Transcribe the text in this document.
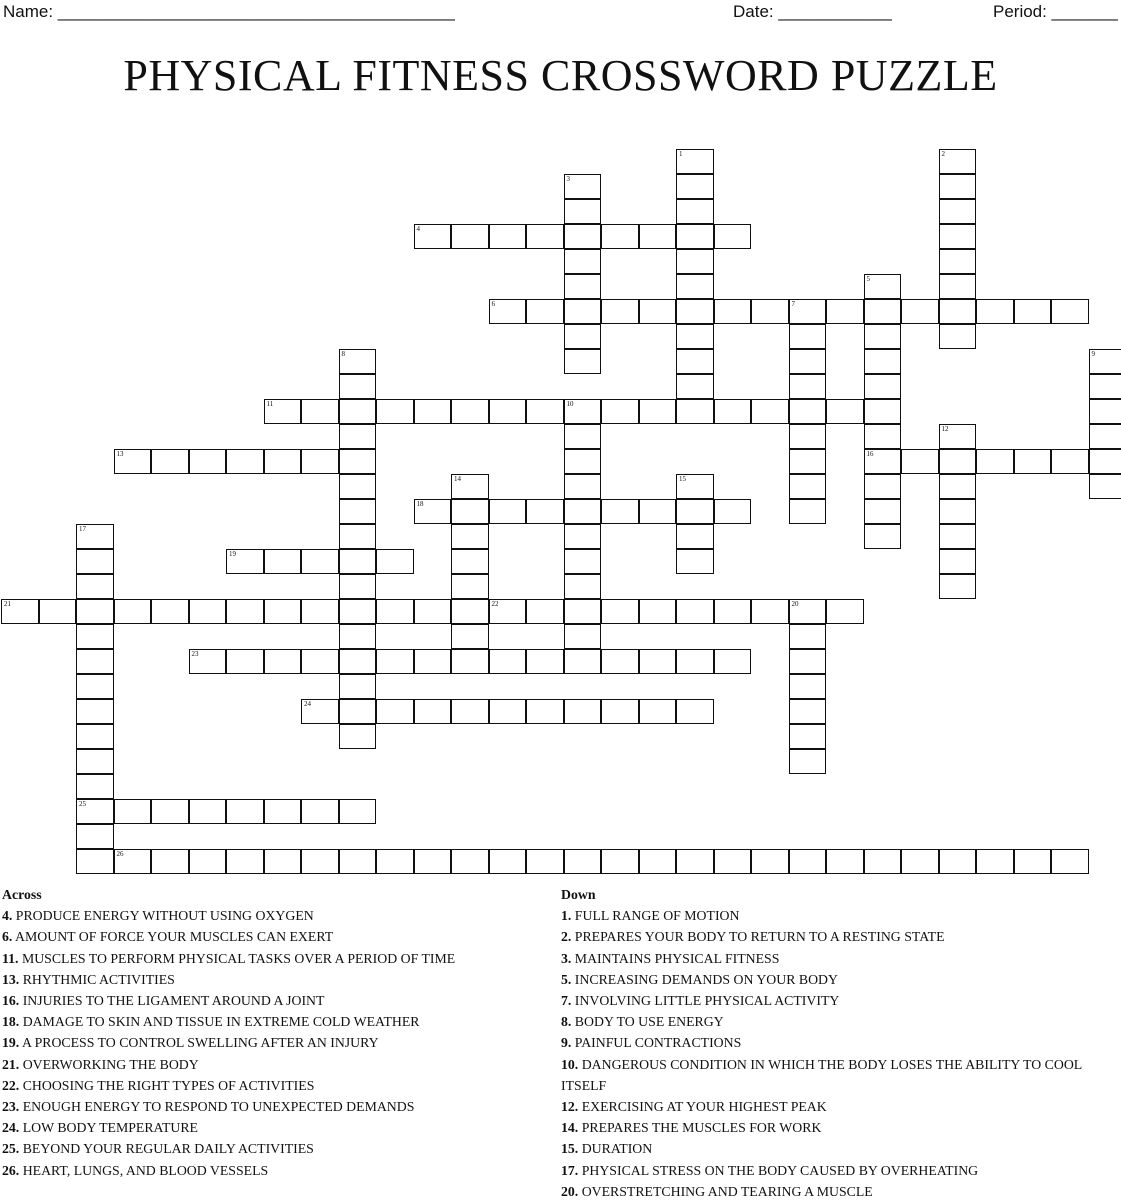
Name: __________________________________________	Date: ____________	Period: _______
PHYSICAL FITNESS CROSSWORD PUZZLE
4
6	7
11	10
13	16
18
19
21	22	20
23
24
25
26
1	2
3
5
8	9
12
14	15
17
Across
4. PRODUCE ENERGY WITHOUT USING OXYGEN
6. AMOUNT OF FORCE YOUR MUSCLES CAN EXERT
11. MUSCLES TO PERFORM PHYSICAL TASKS OVER A PERIOD OF TIME
13. RHYTHMIC ACTIVITIES
16. INJURIES TO THE LIGAMENT AROUND A JOINT
18. DAMAGE TO SKIN AND TISSUE IN EXTREME COLD WEATHER
19. A PROCESS TO CONTROL SWELLING AFTER AN INJURY
21. OVERWORKING THE BODY
22. CHOOSING THE RIGHT TYPES OF ACTIVITIES
23. ENOUGH ENERGY TO RESPOND TO UNEXPECTED DEMANDS
24. LOW BODY TEMPERATURE
25. BEYOND YOUR REGULAR DAILY ACTIVITIES
26. HEART, LUNGS, AND BLOOD VESSELS
Down
1. FULL RANGE OF MOTION
2. PREPARES YOUR BODY TO RETURN TO A RESTING STATE
3. MAINTAINS PHYSICAL FITNESS
5. INCREASING DEMANDS ON YOUR BODY
7. INVOLVING LITTLE PHYSICAL ACTIVITY
8. BODY TO USE ENERGY
9. PAINFUL CONTRACTIONS
10. DANGEROUS CONDITION IN WHICH THE BODY LOSES THE ABILITY TO COOL ITSELF
12. EXERCISING AT YOUR HIGHEST PEAK
14. PREPARES THE MUSCLES FOR WORK
15. DURATION
17. PHYSICAL STRESS ON THE BODY CAUSED BY OVERHEATING
20. OVERSTRETCHING AND TEARING A MUSCLE
